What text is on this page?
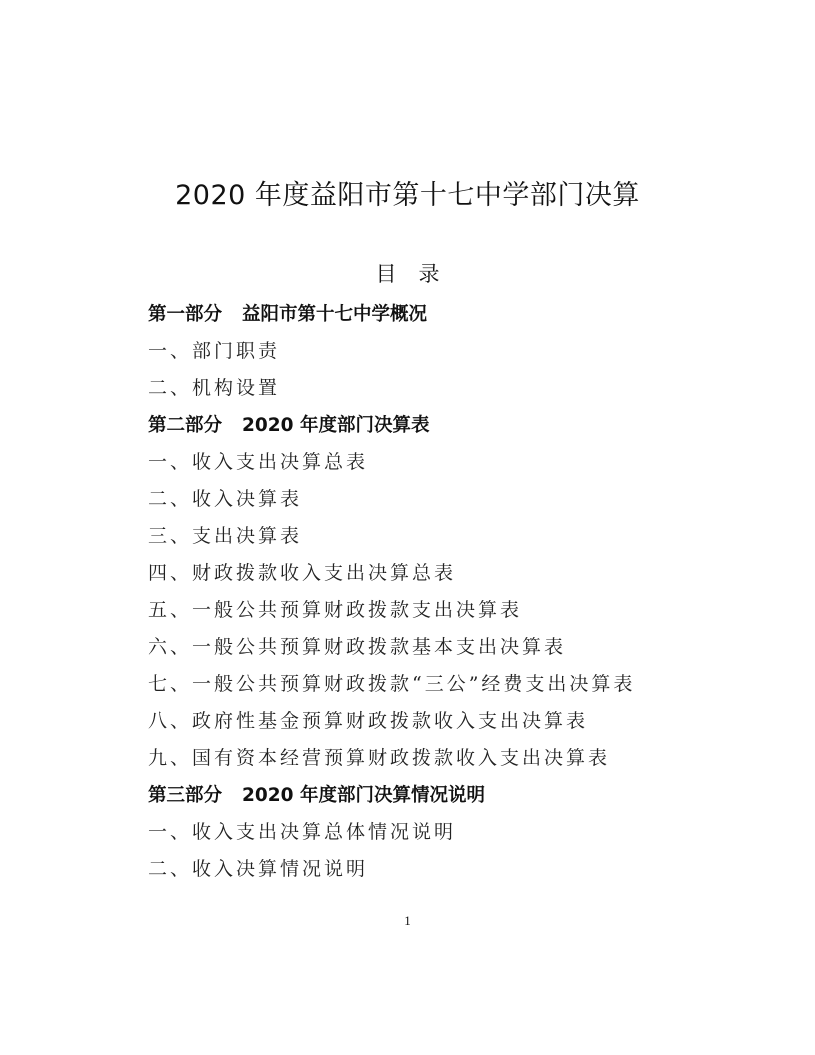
2020 年度益阳市第十七中学部门决算
目 录
第一部分 益阳市第十七中学概况
一、部门职责
二、机构设置
第二部分 2020 年度部门决算表
一、收入支出决算总表
二、收入决算表
三、支出决算表
四、财政拨款收入支出决算总表
五、一般公共预算财政拨款支出决算表
六、一般公共预算财政拨款基本支出决算表
七、一般公共预算财政拨款“三公”经费支出决算表
八、政府性基金预算财政拨款收入支出决算表
九、国有资本经营预算财政拨款收入支出决算表
第三部分 2020 年度部门决算情况说明
一、收入支出决算总体情况说明
二、收入决算情况说明
1
